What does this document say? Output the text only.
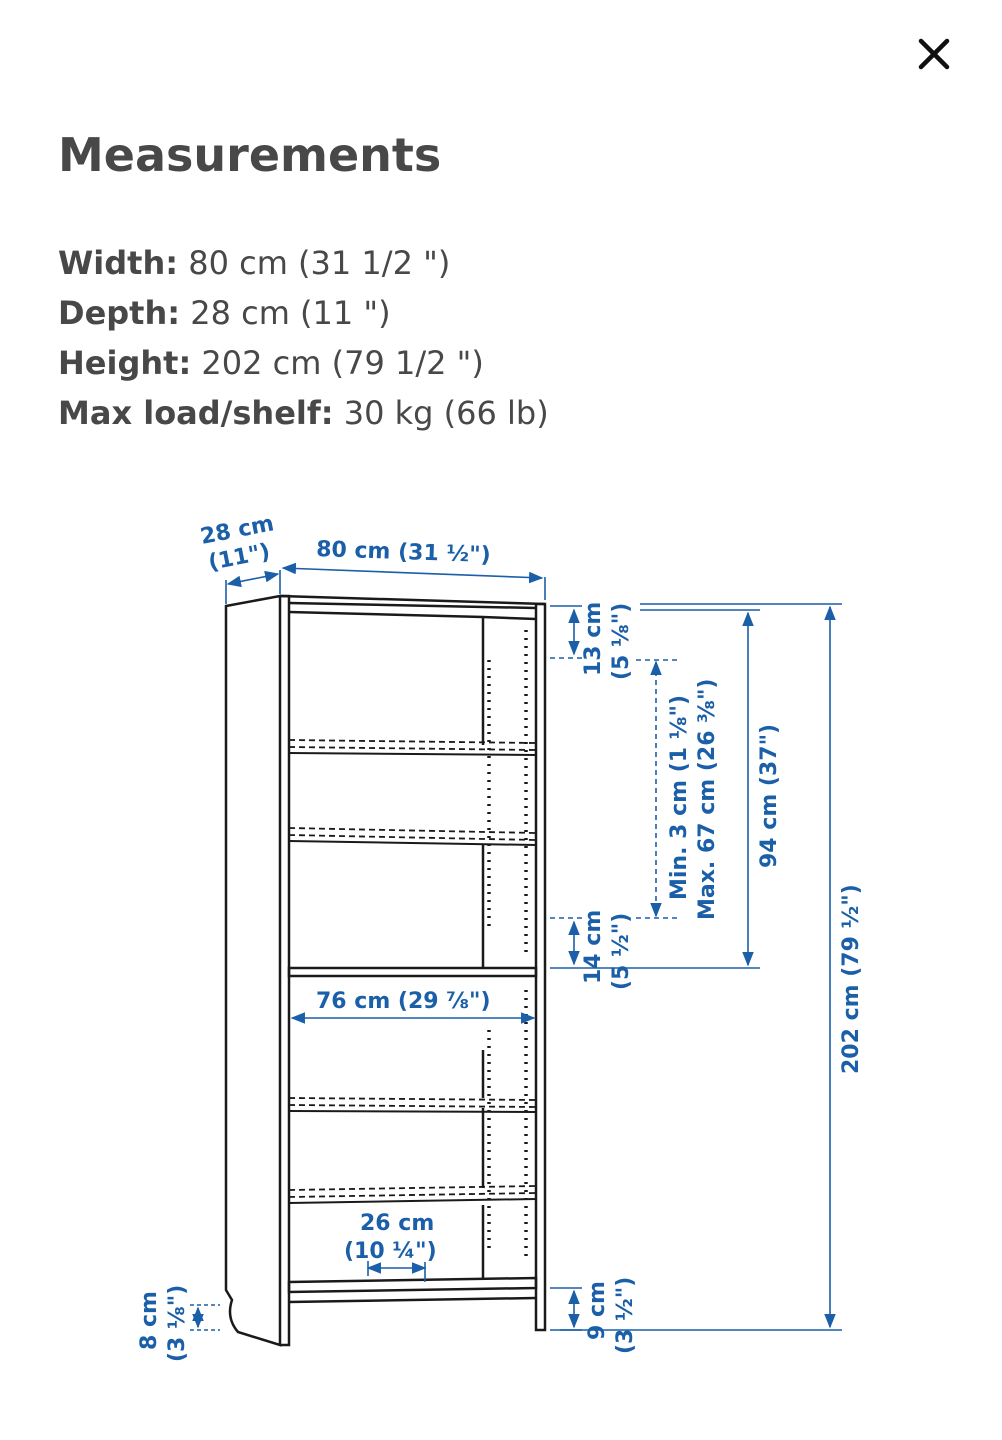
Measurements
Width: 80 cm (31 1/2 ")
Depth: 28 cm (11 ")
Height: 202 cm (79 1/2 ")
Max load/shelf: 30 kg (66 lb)
28 cm
(11") 80 cm (31 ½")
76 cm (29 ⅞")
26 cm
(10 ¼")
13 cm (5 ⅛")
Min. 3 cm (1 ⅛") Max. 67 cm (26 ⅜") 94 cm (37")
14 cm (5 ½")	202 cm (79 ½")
9 cm (3 ½")
8 cm (3 ⅛")
